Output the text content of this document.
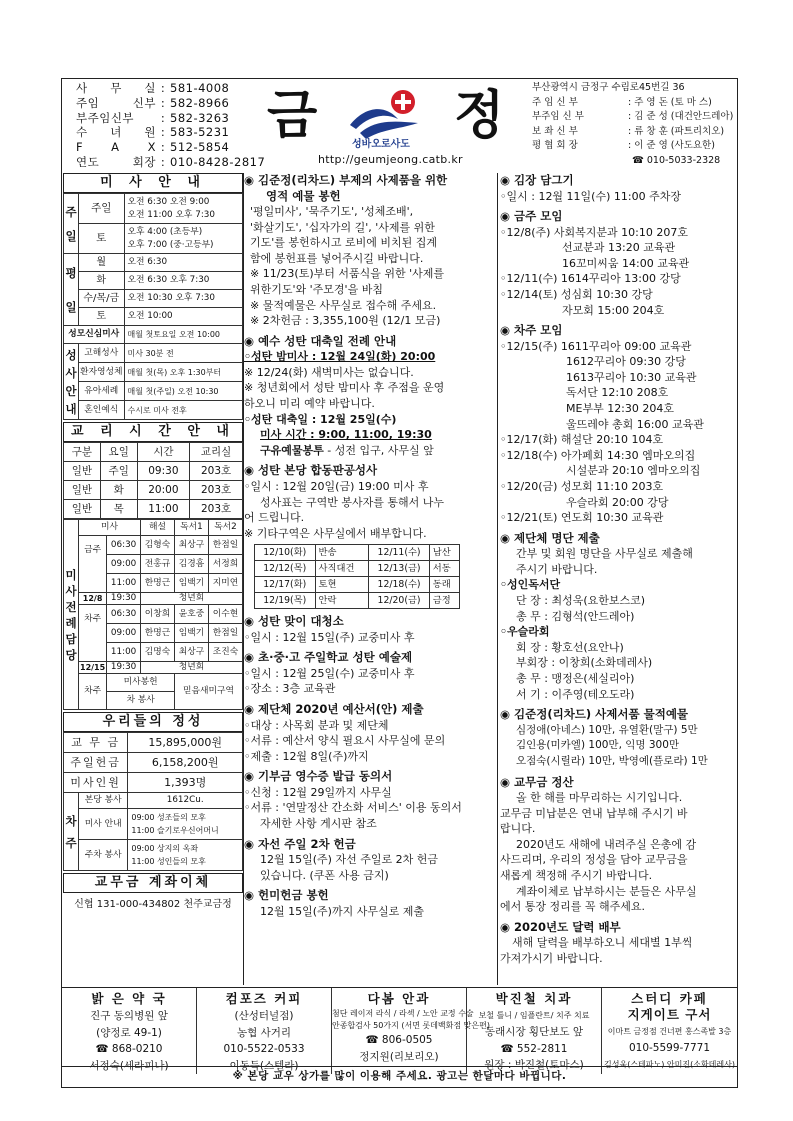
사 무 실 : 581-4008
주임 신부 : 582-8966
부주임신부	: 582-3263
수 녀 원 : 583-5231
F A X : 512-5854
연도 회장 : 010-8428-2817
금	성바오로사도 정
http://geumjeong.catb.kr
부산광역시 금정구 수림로45번길 36
주 임 신 부	: 주 영 돈 (토 마 스)
부주임 신 부	: 김 준 성 (대건안드레아)
보 좌 신 부	: 류 창 훈 (파트리치오)
평 협 회 장	: 이 준 영 (사도요한)
☎ 010-5033-2328
미 사 안 내
주일	주일	오전 6:30 오전 9:00
오전 11:00 오후 7:30

	토	오후 4:00 (초등부)
오후 7:00 (중·고등부)

평일	월	오전 6:30
	화	오전 6:30 오후 7:30
	수/목/금	오전 10:30 오후 7:30
	토	오전 10:00
성모신심미사		매월 첫토요일 오전 10:00
성사안내	고해성사	미사 30분 전
	환자영성체	매월 첫(목) 오후 1:30부터
	유아세례	매월 첫(주일) 오전 10:30
	혼인예식	수시로 미사 전후
교 리 시 간 안 내
구분	요일	시간	교리실
일반	주일	09:30	203호
일반	화	20:00	203호
일반	목	11:00	203호
미사전례담당	미사		해설	독서1	독서2
	금주	06:30	김형숙	최상구	한점일
		09:00	전홍규	김경흠	서정희
		11:00	한명근	임백기	지미연
	12/8	19:30	청년회		
	차주	06:30	이창희	윤호중	이수현
		09:00	한명근	임백기	한점일
		11:00	김명숙	최상구	조진숙
	12/15	19:30	청년회		
	차주	미사봉헌		믿음새미구역	
		차 봉사			
우리들의 정성
교 무 금		15,895,000원
주일헌금		6,158,200원
미사인원		1,393명
차주	본당 봉사	1612Cu.
	미사 안내	09:00 성조들의 모후
11:00 슬기로우신어머니

	주차 봉사	09:00 상지의 옥좌
11:00 성인들의 모후
교무금 계좌이체
신협 131-000-434802 천주교금정
◉ 김준정(리차드) 부제의 사제품을 위한
영적 예물 봉헌
'평일미사', '묵주기도', '성체조배',
'화살기도', '십자가의 길', '사제를 위한
기도'를 봉헌하시고 로비에 비치된 집계
함에 봉헌표를 넣어주시길 바랍니다.
※ 11/23(토)부터 서품식을 위한 '사제를
위한기도'와 '주모경'을 바침
※ 물적예물은 사무실로 접수해 주세요.
※ 2차헌금 : 3,355,100원 (12/1 모금)
◉ 예수 성탄 대축일 전례 안내
◦성탄 밤미사 : 12월 24일(화) 20:00
※ 12/24(화) 새벽미사는 없습니다.
※ 청년회에서 성탄 밤미사 후 주점을 운영
하오니 미리 예약 바랍니다.
◦성탄 대축일 : 12월 25일(수)
미사 시간 : 9:00, 11:00, 19:30
구유예물봉투 - 성전 입구, 사무실 앞
◉ 성탄 본당 합동판공성사
◦일시 : 12월 20일(금) 19:00 미사 후
성사표는 구역반 봉사자를 통해서 나누
어 드립니다.
※ 기타구역은 사무실에서 배부합니다.
12/10(화)	반송	12/11(수)	남산
12/12(목)	사직대건	12/13(금)	서동
12/17(화)	토현	12/18(수)	동래
12/19(목)	안락	12/20(금)	금정
◉ 성탄 맞이 대청소
◦일시 : 12월 15일(주) 교중미사 후
◉ 초·중·고 주일학교 성탄 예술제
◦일시 : 12월 25일(수) 교중미사 후
◦장소 : 3층 교육관
◉ 제단체 2020년 예산서(안) 제출
◦대상 : 사목회 분과 및 제단체
◦서류 : 예산서 양식 필요시 사무실에 문의
◦제출 : 12월 8일(주)까지
◉ 기부금 영수증 발급 동의서
◦신청 : 12월 29일까지 사무실
◦서류 : '연말정산 간소화 서비스' 이용 동의서
자세한 사항 게시판 참조
◉ 자선 주일 2차 헌금
12월 15일(주) 자선 주일로 2차 헌금
있습니다. (쿠폰 사용 금지)
◉ 헌미헌금 봉헌
12월 15일(주)까지 사무실로 제출
◉ 김장 담그기
◦일시 : 12월 11일(수) 11:00 주차장
◉ 금주 모임
◦12/8(주) 사회복지분과 10:10 207호
선교분과 13:20 교육관
16꼬미씨움 14:00 교육관
◦12/11(수) 1614꾸리아 13:00 강당
◦12/14(토) 성심회 10:30 강당
자모회 15:00 204호
◉ 차주 모임
◦12/15(주) 1611꾸리아 09:00 교육관
1612꾸리아 09:30 강당
1613꾸리아 10:30 교육관
독서단 12:10 208호
ME부부 12:30 204호
울뜨레야 총회 16:00 교육관
◦12/17(화) 해설단 20:10 104호
◦12/18(수) 아가페회 14:30 엠마오의집
시설분과 20:10 엠마오의집
◦12/20(금) 성모회 11:10 203호
우슬라회 20:00 강당
◦12/21(토) 연도회 10:30 교육관
◉ 제단체 명단 제출
간부 및 회원 명단을 사무실로 제출해
주시기 바랍니다.
◦성인독서단
단 장 : 최성욱(요한보스코)
총 무 : 김형석(안드레아)
◦우슬라회
회 장 : 황호선(요안나)
부회장 : 이창희(소화데레사)
총 무 : 맹정은(세실리아)
서 기 : 이주영(테오도라)
◉ 김준정(리차드) 사제서품 물적예물
심정애(아네스) 10만, 유열환(말구) 5만
김인용(미카엘) 100만, 익명 300만
오점숙(시릴라) 10만, 박영예(플로라) 1만
◉ 교무금 정산
올 한 해를 마무리하는 시기입니다.
교무금 미납분은 연내 납부해 주시기 바
랍니다.
2020년도 새해에 내려주실 은총에 감
사드리며, 우리의 정성을 담아 교무금을
새롭게 책정해 주시기 바랍니다.
계좌이체로 납부하시는 분들은 사무실
에서 통장 정리를 꼭 해주세요.
◉ 2020년도 달력 배부
새해 달력을 배부하오니 세대별 1부씩
가져가시기 바랍니다.
밝 은 약 국
진구 동의병원 앞
(양정로 49-1)
☎ 868-0210
서정숙(세라피나)
컴포즈 커피
(산성터널점)
농협 사거리
010-5522-0533
이동득(스텔라)
다봄 안과
첨단 레이저 라식 / 라섹 / 노안 교정 수술
안종합검사 50가지 (서면 롯데백화점 맞은편)
☎ 806-0505
정지원(리보리오)
박진철 치과
보철 틀니 / 임플란트/ 치주 치료
동래시장 횡단보도 앞
☎ 552-2811
원장 : 박진철(토마스)
스터디 카페
지게이트 구서
이마트 금정점 건너편 홍스족발 3층
010-5599-7771
김성욱(스테파노) 안미진(소화데레사)
※ 본당 교우 상가를 많이 이용해 주세요. 광고는 한달마다 바뀝니다.
